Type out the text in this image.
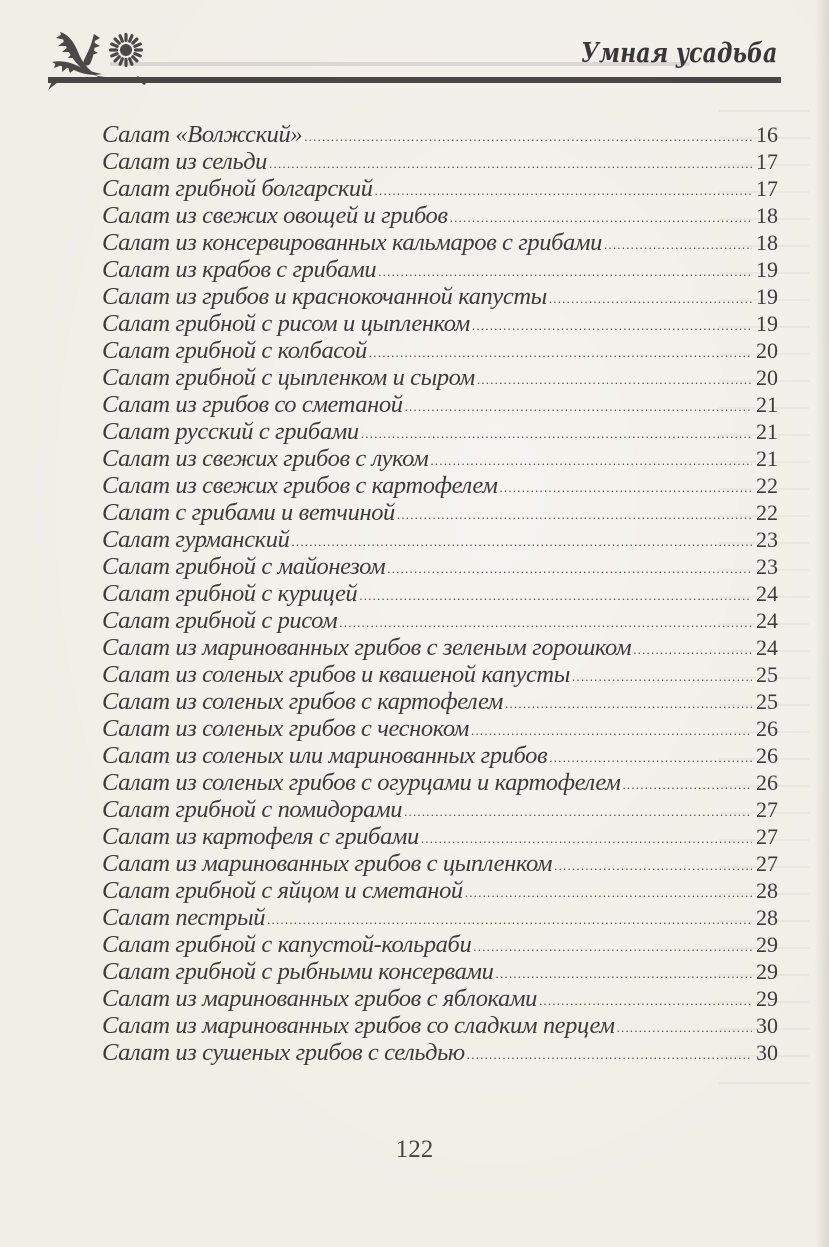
Умная усадьба
Салат «Волжский» .....	16
Салат из сельди .....	17
Салат грибной болгарский .....	17
Салат из свежих овощей и грибов .....	18
Салат из консервированных кальмаров с грибами .....	18
Салат из крабов с грибами .....	19
Салат из грибов и краснокочанной капусты .....	19
Салат грибной с рисом и цыпленком .....	19
Салат грибной с колбасой .....	20
Салат грибной с цыпленком и сыром .....	20
Салат из грибов со сметаной .....	21
Салат русский с грибами .....	21
Салат из свежих грибов с луком .....	21
Салат из свежих грибов с картофелем .....	22
Салат с грибами и ветчиной .....	22
Салат гурманский .....	23
Салат грибной с майонезом .....	23
Салат грибной с курицей .....	24
Салат грибной с рисом .....	24
Салат из маринованных грибов с зеленым горошком .....	24
Салат из соленых грибов и квашеной капусты .....	25
Салат из соленых грибов с картофелем .....	25
Салат из соленых грибов с чесноком .....	26
Салат из соленых или маринованных грибов .....	26
Салат из соленых грибов с огурцами и картофелем .....	26
Салат грибной с помидорами .....	27
Салат из картофеля с грибами .....	27
Салат из маринованных грибов с цыпленком .....	27
Салат грибной с яйцом и сметаной .....	28
Салат пестрый .....	28
Салат грибной с капустой-кольраби .....	29
Салат грибной с рыбными консервами .....	29
Салат из маринованных грибов с яблоками .....	29
Салат из маринованных грибов со сладким перцем .....	30
Салат из сушеных грибов с сельдью .....	30
122
